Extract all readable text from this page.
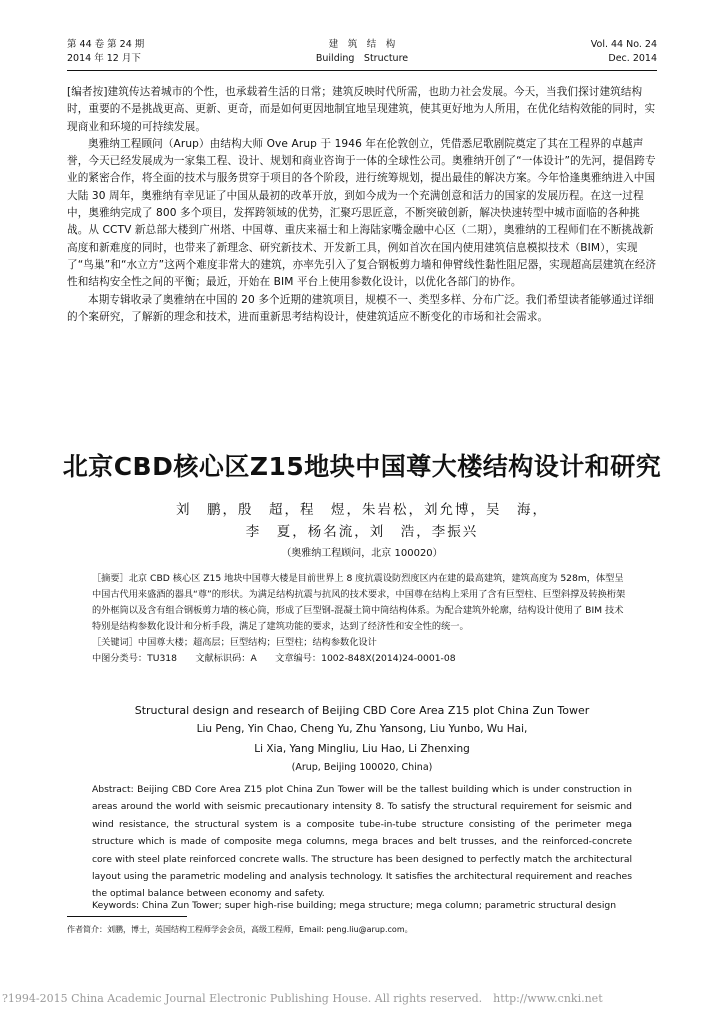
第 44 卷 第 24 期
2014 年 12 月下
建　筑　结　构
Building　Structure
Vol. 44 No. 24
Dec. 2014

[编者按]建筑传达着城市的个性，也承载着生活的日常；建筑反映时代所需，也助力社会发展。今天，当我们探讨建筑结构时，重要的不是挑战更高、更新、更奇，而是如何更因地制宜地呈现建筑，使其更好地为人所用，在优化结构效能的同时，实现商业和环境的可持续发展。

奥雅纳工程顾问（Arup）由结构大师 Ove Arup 于 1946 年在伦敦创立，凭借悉尼歌剧院奠定了其在工程界的卓越声誉，今天已经发展成为一家集工程、设计、规划和商业咨询于一体的全球性公司。奥雅纳开创了“一体设计”的先河，提倡跨专业的紧密合作，将全面的技术与服务贯穿于项目的各个阶段，进行统筹规划，提出最佳的解决方案。今年恰逢奥雅纳进入中国大陆 30 周年，奥雅纳有幸见证了中国从最初的改革开放，到如今成为一个充满创意和活力的国家的发展历程。在这一过程中，奥雅纳完成了 800 多个项目，发挥跨领域的优势，汇聚巧思匠意，不断突破创新，解决快速转型中城市面临的各种挑战。从 CCTV 新总部大楼到广州塔、中国尊、重庆来福士和上海陆家嘴金融中心区（二期），奥雅纳的工程师们在不断挑战新高度和新难度的同时，也带来了新理念、研究新技术、开发新工具，例如首次在国内使用建筑信息模拟技术（BIM），实现了“鸟巢”和“水立方”这两个难度非常大的建筑，亦率先引入了复合钢板剪力墙和伸臂线性黏性阻尼器，实现超高层建筑在经济性和结构安全性之间的平衡；最近，开始在 BIM 平台上使用参数化设计，以优化各部门的协作。

本期专辑收录了奥雅纳在中国的 20 多个近期的建筑项目，规模不一、类型多样、分布广泛。我们希望读者能够通过详细的个案研究，了解新的理念和技术，进而重新思考结构设计，使建筑适应不断变化的市场和社会需求。

北京CBD核心区Z15地块中国尊大楼结构设计和研究
刘　鹏，殷　超，程　煜，朱岩松，刘允博，吴　海，
李　夏，杨名流，刘　浩，李振兴
（奥雅纳工程顾问，北京 100020）

［摘要］北京 CBD 核心区 Z15 地块中国尊大楼是目前世界上 8 度抗震设防烈度区内在建的最高建筑，建筑高度为 528m，体型呈中国古代用来盛酒的器具“尊”的形状。为满足结构抗震与抗风的技术要求，中国尊在结构上采用了含有巨型柱、巨型斜撑及转换桁架的外框筒以及含有组合钢板剪力墙的核心筒，形成了巨型钢-混凝土筒中筒结构体系。为配合建筑外轮廓，结构设计使用了 BIM 技术特别是结构参数化设计和分析手段，满足了建筑功能的要求，达到了经济性和安全性的统一。

［关键词］中国尊大楼；超高层；巨型结构；巨型柱；结构参数化设计

中图分类号：TU318　　文献标识码：A　　文章编号：1002-848X(2014)24-0001-08

Structural design and research of Beijing CBD Core Area Z15 plot China Zun Tower
Liu Peng, Yin Chao, Cheng Yu, Zhu Yansong, Liu Yunbo, Wu Hai,
Li Xia, Yang Mingliu, Liu Hao, Li Zhenxing
(Arup, Beijing 100020, China)

Abstract: Beijing CBD Core Area Z15 plot China Zun Tower will be the tallest building which is under construction in areas around the world with seismic precautionary intensity 8. To satisfy the structural requirement for seismic and wind resistance, the structural system is a composite tube-in-tube structure consisting of the perimeter mega structure which is made of composite mega columns, mega braces and belt trusses, and the reinforced-concrete core with steel plate reinforced concrete walls. The structure has been designed to perfectly match the architectural layout using the parametric modeling and analysis technology. It satisfies the architectural requirement and reaches the optimal balance between economy and safety.

Keywords: China Zun Tower; super high-rise building; mega structure; mega column; parametric structural design
作者简介：刘鹏，博士，英国结构工程师学会会员，高级工程师，Email: peng.liu@arup.com。
?1994-2015 China Academic Journal Electronic Publishing House. All rights reserved.　http://www.cnki.net
